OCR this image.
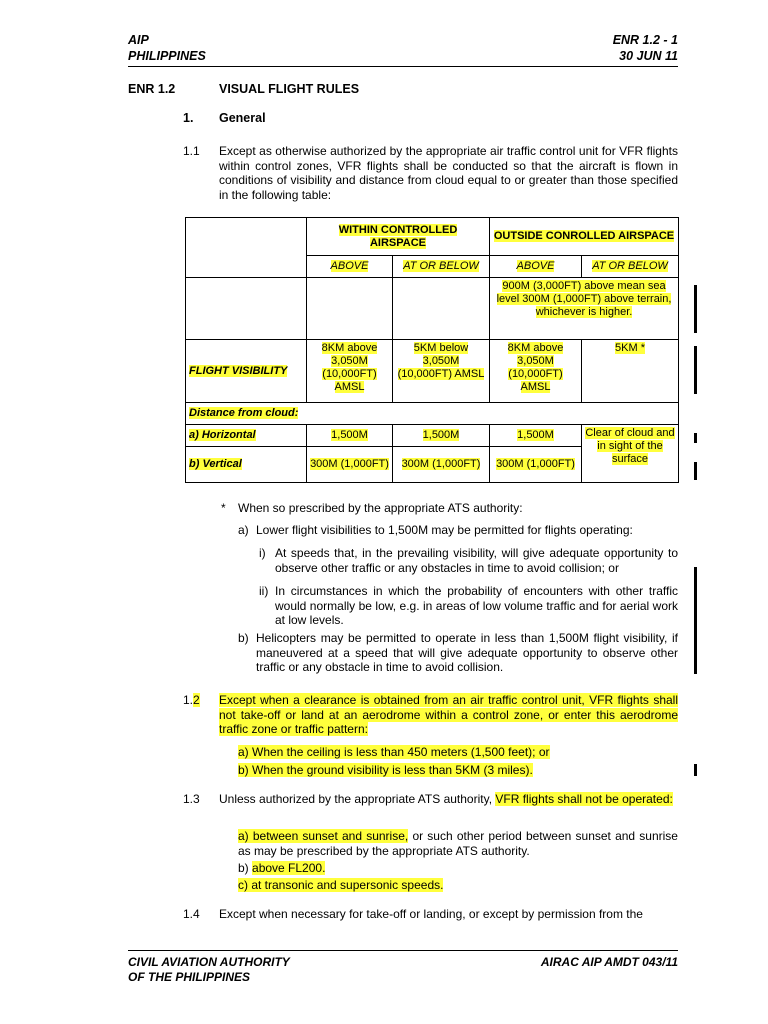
AIP
PHILIPPINES
ENR 1.2 - 1
30 JUN 11
ENR 1.2	VISUAL FLIGHT RULES
1. General
1.1 Except as otherwise authorized by the appropriate air traffic control unit for VFR flights within control zones, VFR flights shall be conducted so that the aircraft is flown in conditions of visibility and distance from cloud equal to or greater than those specified in the following table:
	WITHIN CONTROLLED AIRSPACE		OUTSIDE CONROLLED AIRSPACE	
	ABOVE	AT OR BELOW	ABOVE	AT OR BELOW
			900M (3,000FT) above mean sea level 300M (1,000FT) above terrain, whichever is higher.	
FLIGHT VISIBILITY	8KM above 3,050M (10,000FT) AMSL	5KM below 3,050M (10,000FT) AMSL	8KM above 3,050M (10,000FT) AMSL	5KM *
Distance from cloud:				
a) Horizontal	1,500M	1,500M	1,500M	Clear of cloud and in sight of the surface
b) Vertical	300M (1,000FT)	300M (1,000FT)	300M (1,000FT)	
* When so prescribed by the appropriate ATS authority:
a) Lower flight visibilities to 1,500M may be permitted for flights operating:
i) At speeds that, in the prevailing visibility, will give adequate opportunity to observe other traffic or any obstacles in time to avoid collision; or
ii) In circumstances in which the probability of encounters with other traffic would normally be low, e.g. in areas of low volume traffic and for aerial work at low levels.
b) Helicopters may be permitted to operate in less than 1,500M flight visibility, if maneuvered at a speed that will give adequate opportunity to observe other traffic or any obstacle in time to avoid collision.
1.2 Except when a clearance is obtained from an air traffic control unit, VFR flights shall not take-off or land at an aerodrome within a control zone, or enter this aerodrome traffic zone or traffic pattern:
a) When the ceiling is less than 450 meters (1,500 feet); or
b) When the ground visibility is less than 5KM (3 miles).
1.3 Unless authorized by the appropriate ATS authority, VFR flights shall not be operated:
a) between sunset and sunrise, or such other period between sunset and sunrise as may be prescribed by the appropriate ATS authority.
b) above FL200.
c) at transonic and supersonic speeds.
1.4 Except when necessary for take-off or landing, or except by permission from the
CIVIL AVIATION AUTHORITY
OF THE PHILIPPINES
AIRAC AIP AMDT 043/11
